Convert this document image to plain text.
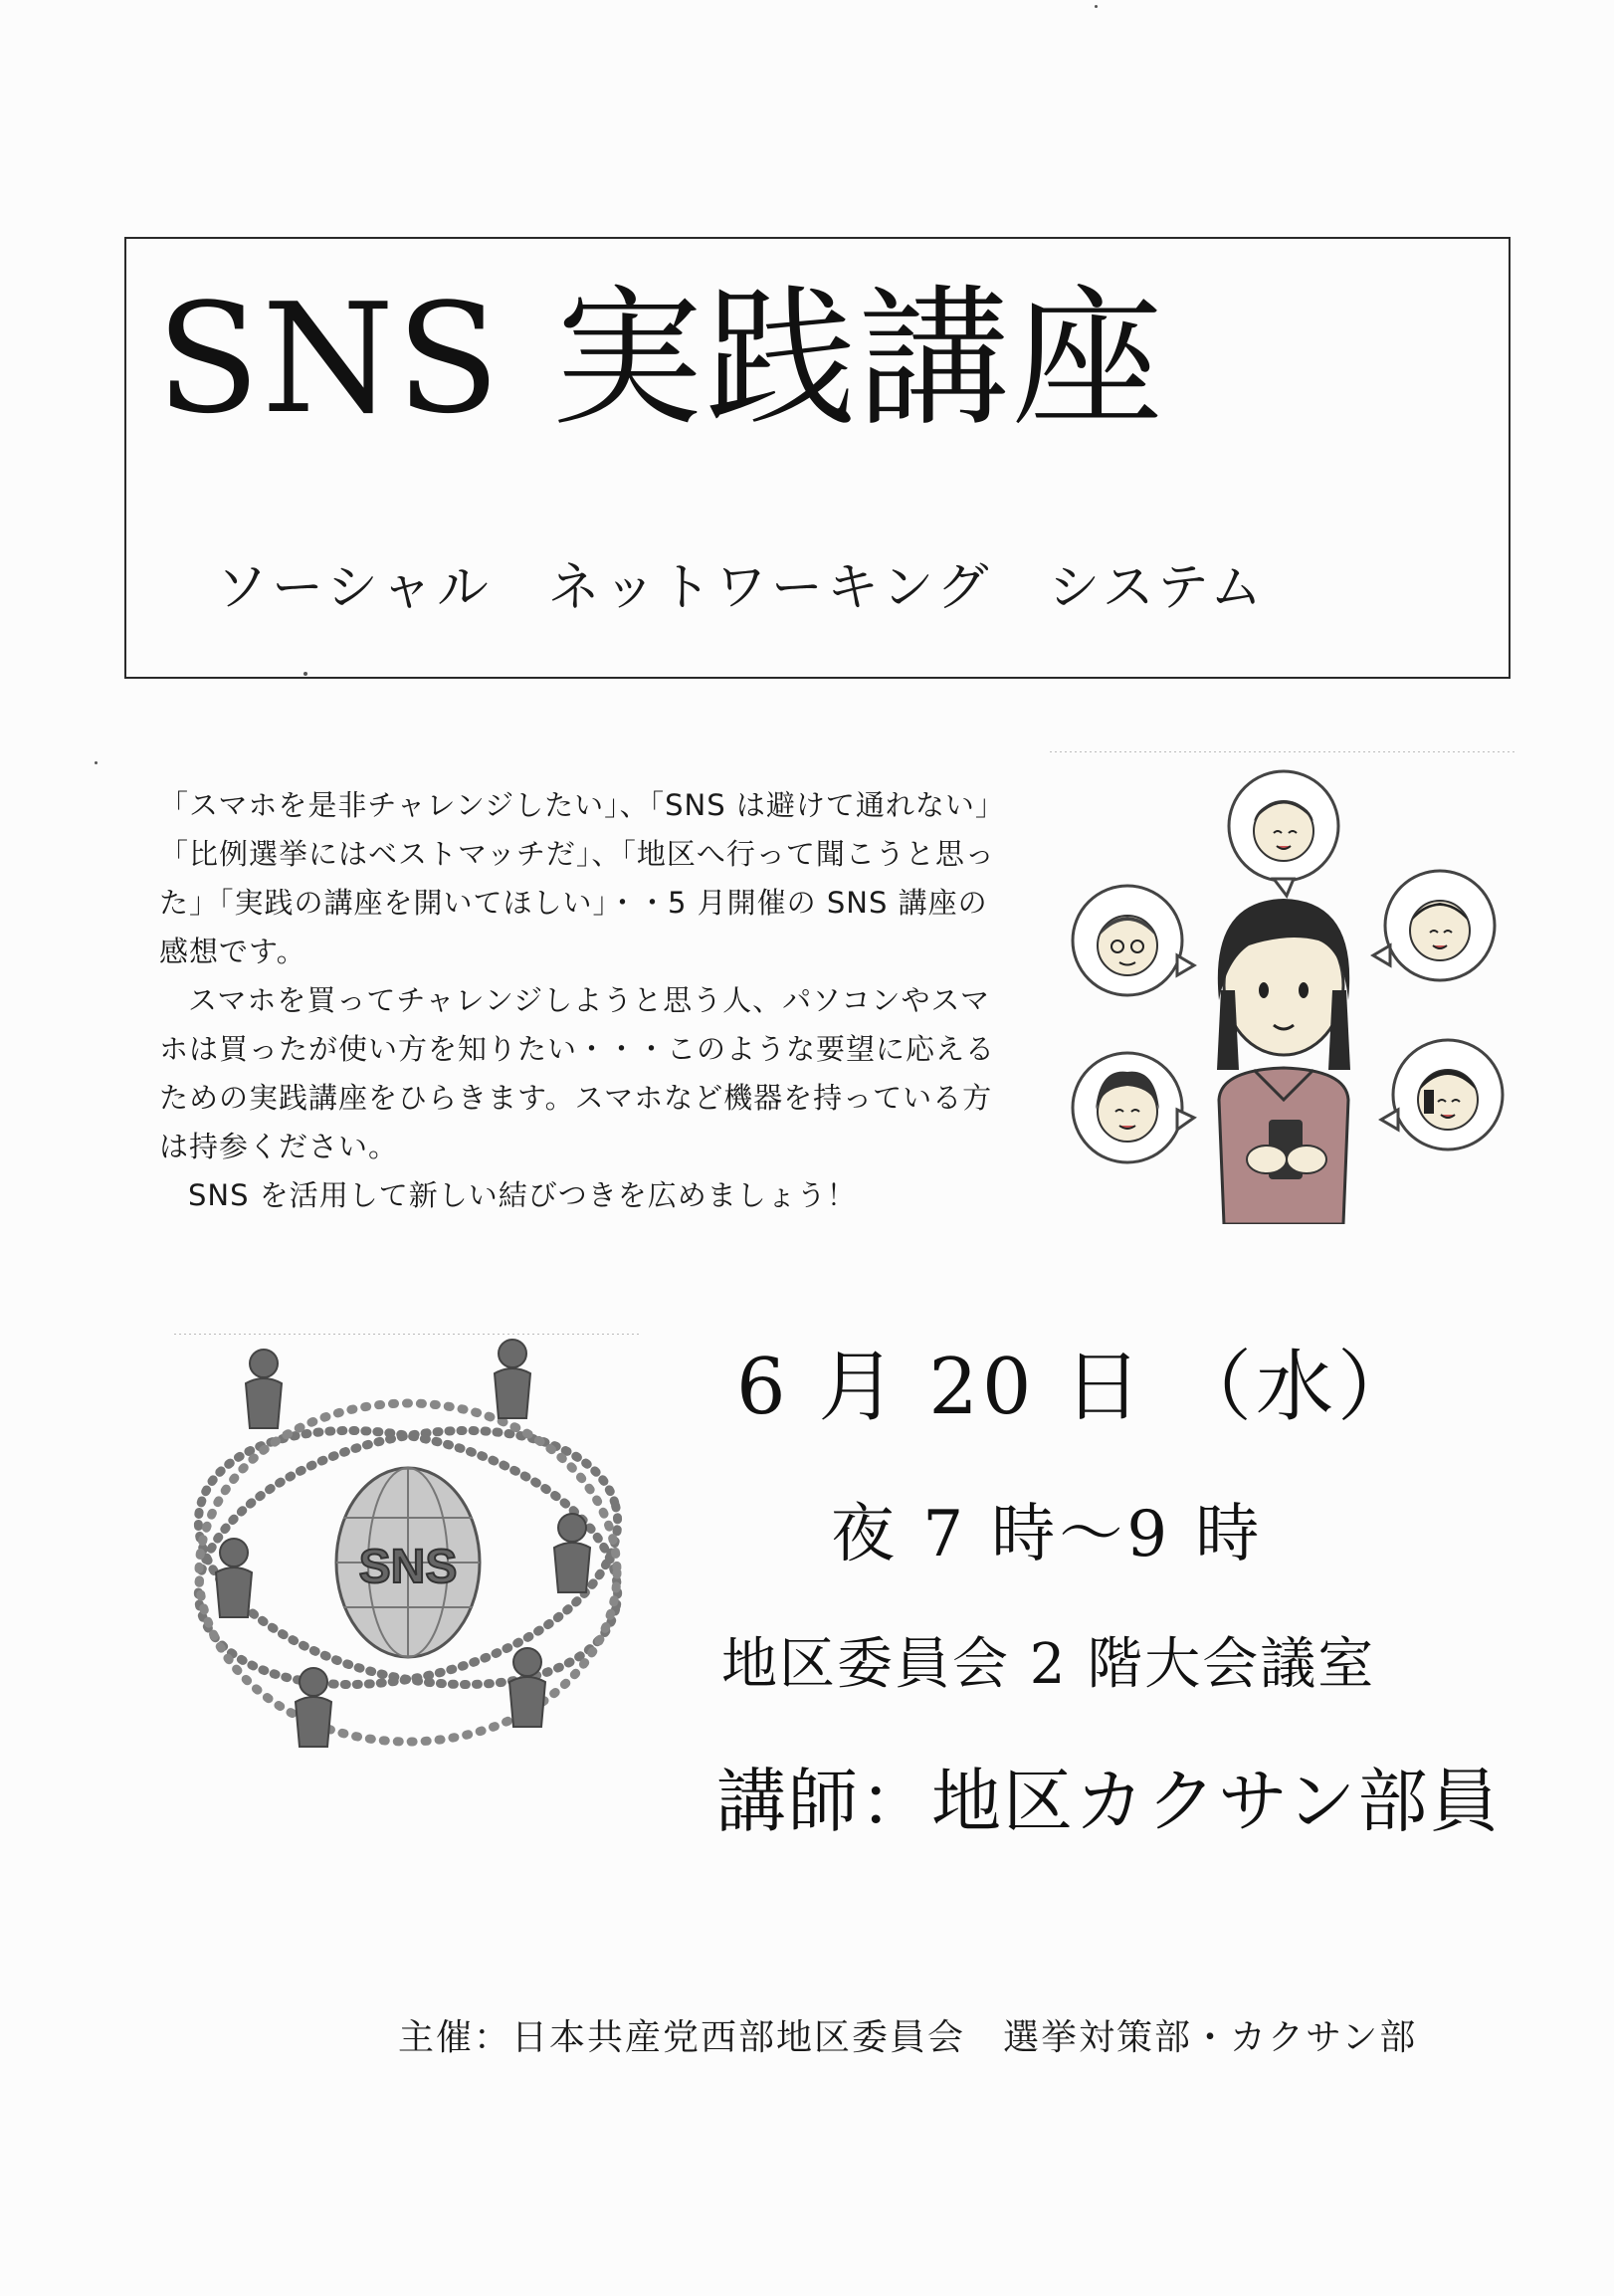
SNS 実践講座
ソーシャル　ネットワーキング　システム

「スマホを是非チャレンジしたい」、「SNS は避けて通れない」「比例選挙にはベストマッチだ」、「地区へ行って聞こうと思った」「実践の講座を開いてほしい」・・5 月開催の SNS 講座の感想です。

スマホを買ってチャレンジしようと思う人、パソコンやスマホは買ったが使い方を知りたい・・・このような要望に応えるための実践講座をひらきます。スマホなど機器を持っている方は持参ください。

SNS を活用して新しい結びつきを広めましょう！

SNS
6 月 20 日 （水）
夜 7 時～9 時
地区委員会 2 階大会議室
講師：地区カクサン部員
主催：日本共産党西部地区委員会　選挙対策部・カクサン部
